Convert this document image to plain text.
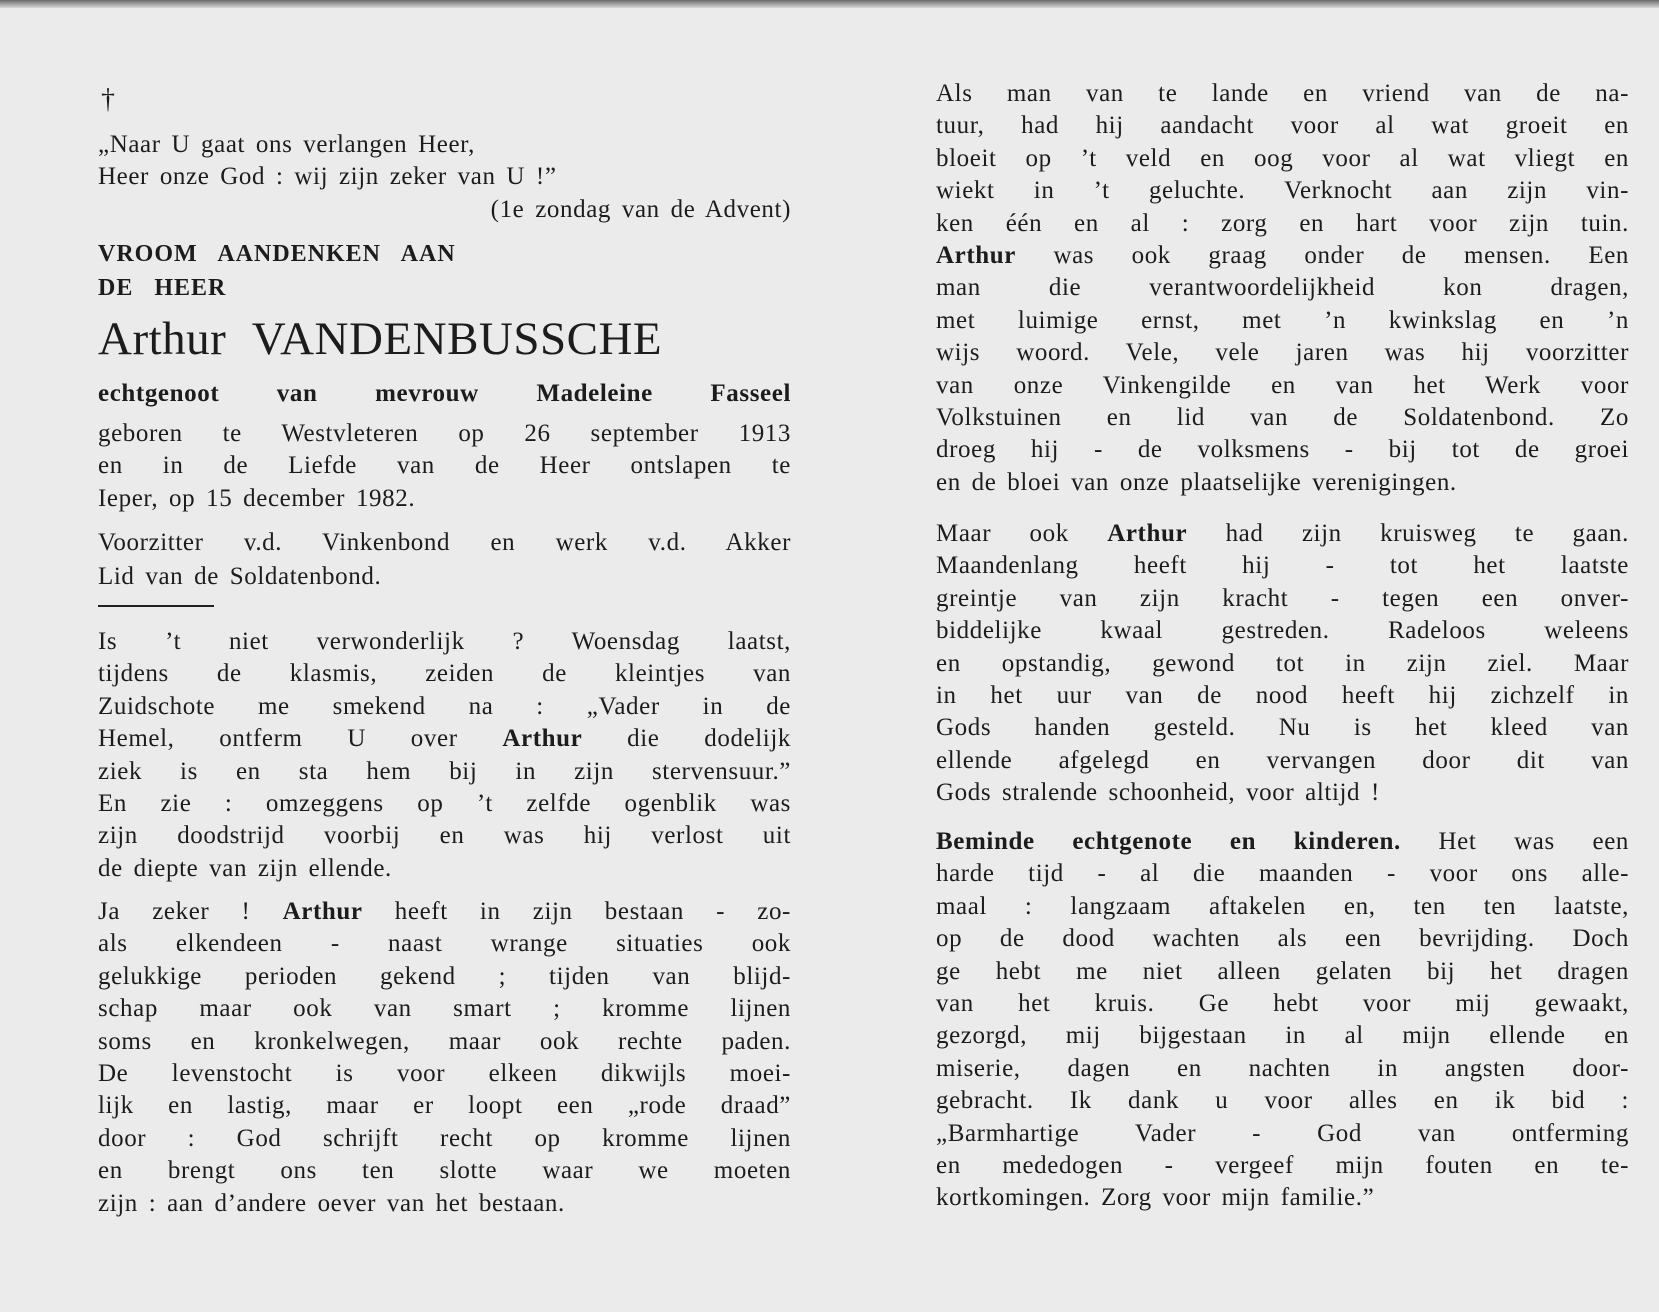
†
„Naar U gaat ons verlangen Heer,
Heer onze God : wij zijn zeker van U !”
(1e zondag van de Advent)
VROOM AANDENKEN AAN
DE HEER
Arthur VANDENBUSSCHE
echtgenoot van mevrouw Madeleine Fasseel
geboren te Westvleteren op 26 september 1913
en in de Liefde van de Heer ontslapen te
Ieper, op 15 december 1982.
Voorzitter v.d. Vinkenbond en werk v.d. Akker
Lid van de Soldatenbond.
Is ’t niet verwonderlijk ? Woensdag laatst,
tijdens de klasmis, zeiden de kleintjes van
Zuidschote me smekend na : „Vader in de
Hemel, ontferm U over Arthur die dodelijk
ziek is en sta hem bij in zijn stervensuur.”
En zie : omzeggens op ’t zelfde ogenblik was
zijn doodstrijd voorbij en was hij verlost uit
de diepte van zijn ellende.
Ja zeker ! Arthur heeft in zijn bestaan - zo-
als elkendeen - naast wrange situaties ook
gelukkige perioden gekend ; tijden van blijd-
schap maar ook van smart ; kromme lijnen
soms en kronkelwegen, maar ook rechte paden.
De levenstocht is voor elkeen dikwijls moei-
lijk en lastig, maar er loopt een „rode draad”
door : God schrijft recht op kromme lijnen
en brengt ons ten slotte waar we moeten
zijn : aan d’andere oever van het bestaan.
Als man van te lande en vriend van de na-
tuur, had hij aandacht voor al wat groeit en
bloeit op ’t veld en oog voor al wat vliegt en
wiekt in ’t geluchte. Verknocht aan zijn vin-
ken één en al : zorg en hart voor zijn tuin.
Arthur was ook graag onder de mensen. Een
man die verantwoordelijkheid kon dragen,
met luimige ernst, met ’n kwinkslag en ’n
wijs woord. Vele, vele jaren was hij voorzitter
van onze Vinkengilde en van het Werk voor
Volkstuinen en lid van de Soldatenbond. Zo
droeg hij - de volksmens - bij tot de groei
en de bloei van onze plaatselijke verenigingen.
Maar ook Arthur had zijn kruisweg te gaan.
Maandenlang heeft hij - tot het laatste
greintje van zijn kracht - tegen een onver-
biddelijke kwaal gestreden. Radeloos weleens
en opstandig, gewond tot in zijn ziel. Maar
in het uur van de nood heeft hij zichzelf in
Gods handen gesteld. Nu is het kleed van
ellende afgelegd en vervangen door dit van
Gods stralende schoonheid, voor altijd !
Beminde echtgenote en kinderen. Het was een
harde tijd - al die maanden - voor ons alle-
maal : langzaam aftakelen en, ten ten laatste,
op de dood wachten als een bevrijding. Doch
ge hebt me niet alleen gelaten bij het dragen
van het kruis. Ge hebt voor mij gewaakt,
gezorgd, mij bijgestaan in al mijn ellende en
miserie, dagen en nachten in angsten door-
gebracht. Ik dank u voor alles en ik bid :
„Barmhartige Vader - God van ontferming
en mededogen - vergeef mijn fouten en te-
kortkomingen. Zorg voor mijn familie.”
